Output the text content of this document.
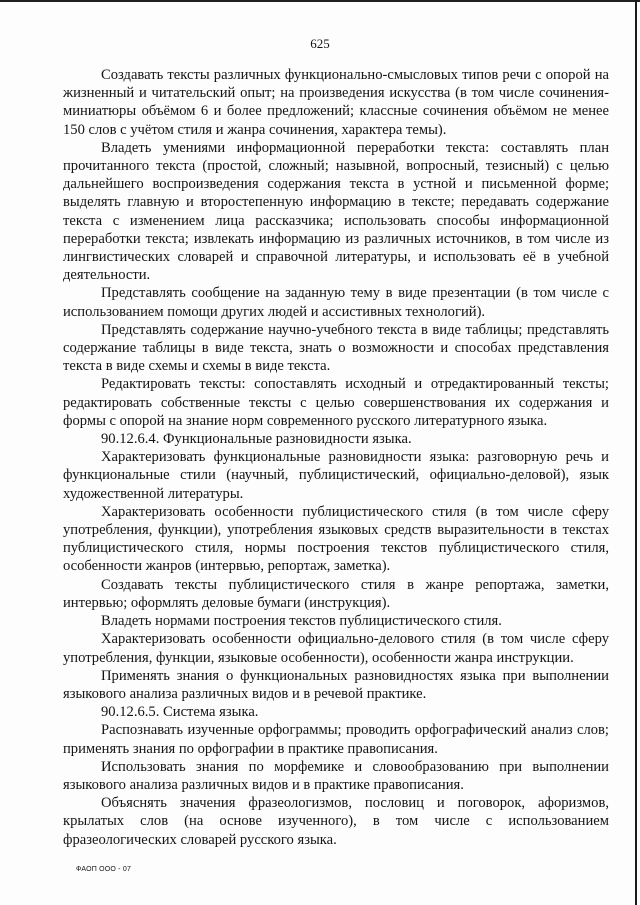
625

Создавать тексты различных функционально-смысловых типов речи с опорой на жизненный и читательский опыт; на произведения искусства (в том числе сочинения-миниатюры объёмом 6 и более предложений; классные сочинения объёмом не менее 150 слов с учётом стиля и жанра сочинения, характера темы).

Владеть умениями информационной переработки текста: составлять план прочитанного текста (простой, сложный; назывной, вопросный, тезисный) с целью дальнейшего воспроизведения содержания текста в устной и письменной форме; выделять главную и второстепенную информацию в тексте; передавать содержание текста с изменением лица рассказчика; использовать способы информационной переработки текста; извлекать информацию из различных источников, в том числе из лингвистических словарей и справочной литературы, и использовать её в учебной деятельности.

Представлять сообщение на заданную тему в виде презентации (в том числе с использованием помощи других людей и ассистивных технологий).

Представлять содержание научно-учебного текста в виде таблицы; представлять содержание таблицы в виде текста, знать о возможности и способах представления текста в виде схемы и схемы в виде текста.

Редактировать тексты: сопоставлять исходный и отредактированный тексты; редактировать собственные тексты с целью совершенствования их содержания и формы с опорой на знание норм современного русского литературного языка.

90.12.6.4. Функциональные разновидности языка.

Характеризовать функциональные разновидности языка: разговорную речь и функциональные стили (научный, публицистический, официально-деловой), язык художественной литературы.

Характеризовать особенности публицистического стиля (в том числе сферу употребления, функции), употребления языковых средств выразительности в текстах публицистического стиля, нормы построения текстов публицистического стиля, особенности жанров (интервью, репортаж, заметка).

Создавать тексты публицистического стиля в жанре репортажа, заметки, интервью; оформлять деловые бумаги (инструкция).

Владеть нормами построения текстов публицистического стиля.

Характеризовать особенности официально-делового стиля (в том числе сферу употребления, функции, языковые особенности), особенности жанра инструкции.

Применять знания о функциональных разновидностях языка при выполнении языкового анализа различных видов и в речевой практике.

90.12.6.5. Система языка.

Распознавать изученные орфограммы; проводить орфографический анализ слов; применять знания по орфографии в практике правописания.

Использовать знания по морфемике и словообразованию при выполнении языкового анализа различных видов и в практике правописания.

Объяснять значения фразеологизмов, пословиц и поговорок, афоризмов, крылатых слов (на основе изученного), в том числе с использованием фразеологических словарей русского языка.

ФАОП ООО - 07
